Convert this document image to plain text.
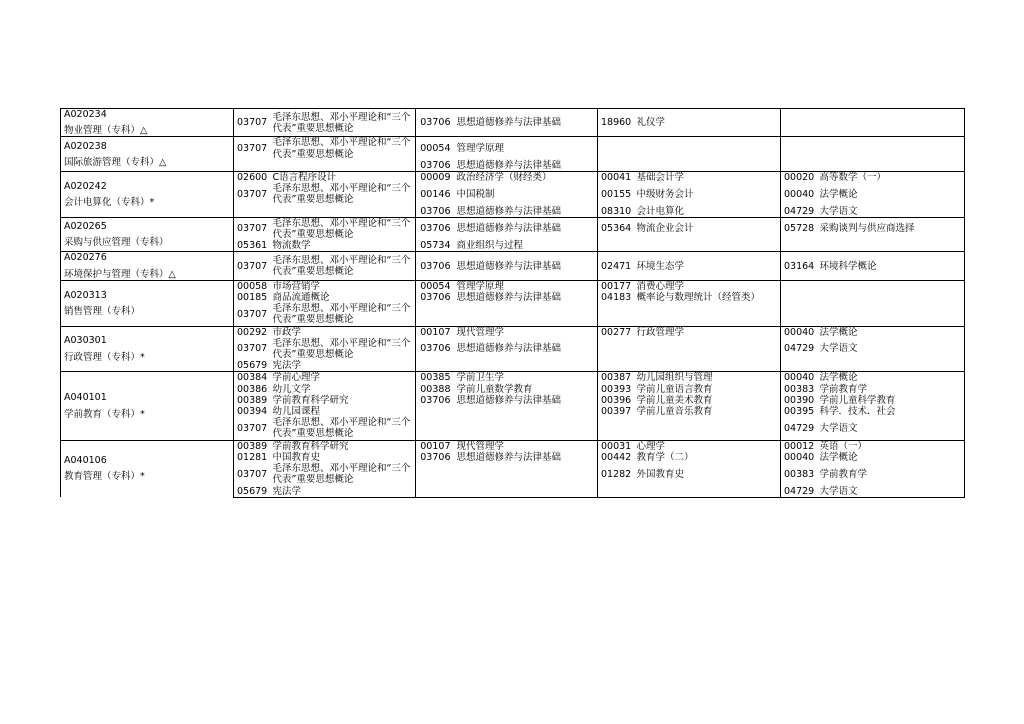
A020234
物业管理（专科）△	03707	毛泽东思想、邓小平理论和“三个代表”重要思想概论	03706	思想道德修养与法律基础	18960	礼仪学		

A020238
国际旅游管理（专科）△	03707	毛泽东思想、邓小平理论和“三个代表”重要思想概论	00054	管理学原理				
			03706	思想道德修养与法律基础				

A020242
会计电算化（专科）*	02600	C语言程序设计	00009	政治经济学（财经类）	00041	基础会计学	00020	高等数学（一）
	03707	毛泽东思想、邓小平理论和“三个代表”重要思想概论	00146	中国税制	00155	中级财务会计	00040	法学概论
			03706	思想道德修养与法律基础	08310	会计电算化	04729	大学语文

A020265
采购与供应管理（专科）	03707	毛泽东思想、邓小平理论和“三个代表”重要思想概论	03706	思想道德修养与法律基础	05364	物流企业会计	05728	采购谈判与供应商选择
	05361	物流数学	05734	商业组织与过程				

A020276
环境保护与管理（专科）△	03707	毛泽东思想、邓小平理论和“三个代表”重要思想概论	03706	思想道德修养与法律基础	02471	环境生态学	03164	环境科学概论

A020313
销售管理（专科）	00058	市场营销学	00054	管理学原理	00177	消费心理学		
	00185	商品流通概论	03706	思想道德修养与法律基础	04183	概率论与数理统计（经管类）		
	03707	毛泽东思想、邓小平理论和“三个代表”重要思想概论						

A030301
行政管理（专科）*	00292	市政学	00107	现代管理学	00277	行政管理学	00040	法学概论
	03707	毛泽东思想、邓小平理论和“三个代表”重要思想概论	03706	思想道德修养与法律基础			04729	大学语文
	05679	宪法学						

A040101
学前教育（专科）*	00384	学前心理学	00385	学前卫生学	00387	幼儿园组织与管理	00040	法学概论
	00386	幼儿文学	00388	学前儿童数学教育	00393	学前儿童语言教育	00383	学前教育学
	00389	学前教育科学研究	03706	思想道德修养与法律基础	00396	学前儿童美术教育	00390	学前儿童科学教育
	00394	幼儿园课程			00397	学前儿童音乐教育	00395	科学．技术．社会
	03707	毛泽东思想、邓小平理论和“三个代表”重要思想概论					04729	大学语文

A040106
教育管理（专科）*	00389	学前教育科学研究	00107	现代管理学	00031	心理学	00012	英语（一）
	01281	中国教育史	03706	思想道德修养与法律基础	00442	教育学（二）	00040	法学概论
	03707	毛泽东思想、邓小平理论和“三个代表”重要思想概论			01282	外国教育史	00383	学前教育学
	05679	宪法学					04729	大学语文
